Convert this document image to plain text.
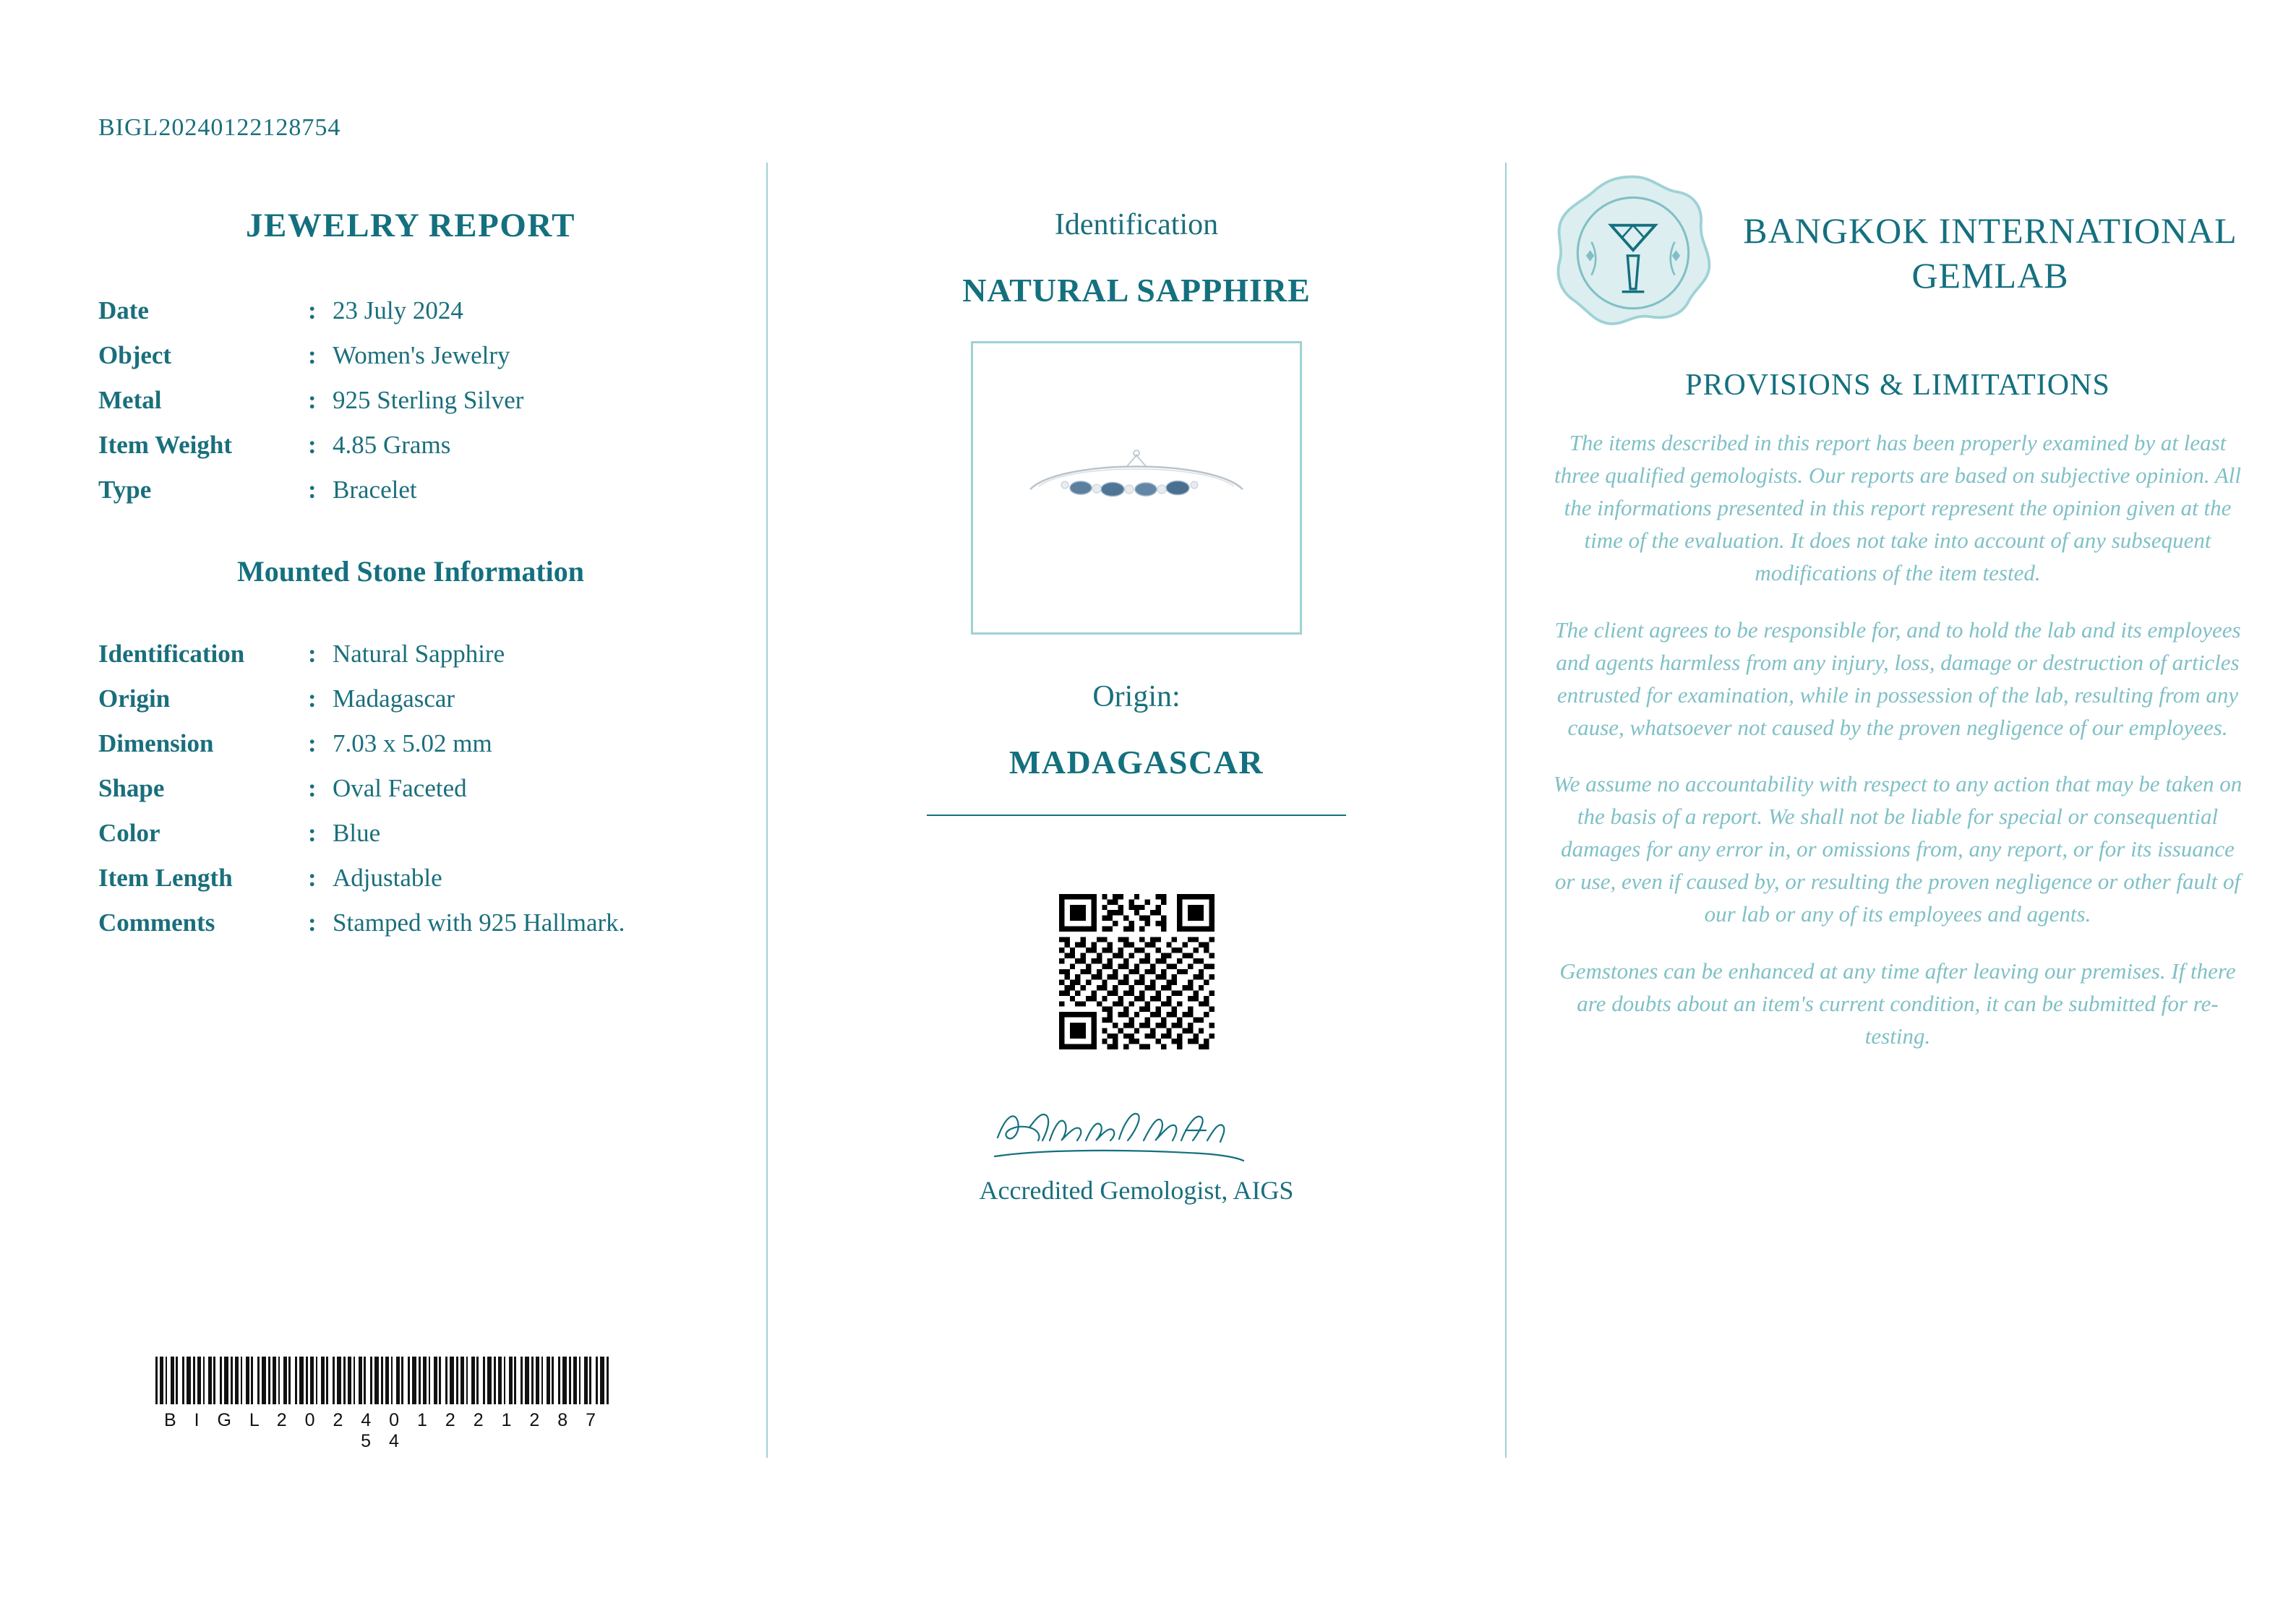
BIGL20240122128754
JEWELRY REPORT
Date	:	23 July 2024
Object	:	Women's Jewelry
Metal	:	925 Sterling Silver
Item Weight	:	4.85 Grams
Type	:	Bracelet
Mounted Stone Information
Identification	:	Natural Sapphire
Origin	:	Madagascar
Dimension	:	7.03 x 5.02 mm
Shape	:	Oval Faceted
Color	:	Blue
Item Length	:	Adjustable
Comments	:	Stamped with 925 Hallmark.
B I G L 2 0 2 4 0 1 2 2 1 2 8 7 5 4
Identification
NATURAL SAPPHIRE
Origin:
MADAGASCAR
Accredited Gemologist, AIGS
BANGKOK INTERNATIONAL GEMLAB
PROVISIONS & LIMITATIONS
The items described in this report has been properly examined by at least three qualified gemologists. Our reports are based on subjective opinion. All the informations presented in this report represent the opinion given at the time of the evaluation. It does not take into account of any subsequent modifications of the item tested.
The client agrees to be responsible for, and to hold the lab and its employees and agents harmless from any injury, loss, damage or destruction of articles entrusted for examination, while in possession of the lab, resulting from any cause, whatsoever not caused by the proven negligence of our employees.
We assume no accountability with respect to any action that may be taken on the basis of a report. We shall not be liable for special or consequential damages for any error in, or omissions from, any report, or for its issuance or use, even if caused by, or resulting the proven negligence or other fault of our lab or any of its employees and agents.
Gemstones can be enhanced at any time after leaving our premises. If there are doubts about an item's current condition, it can be submitted for re-testing.
